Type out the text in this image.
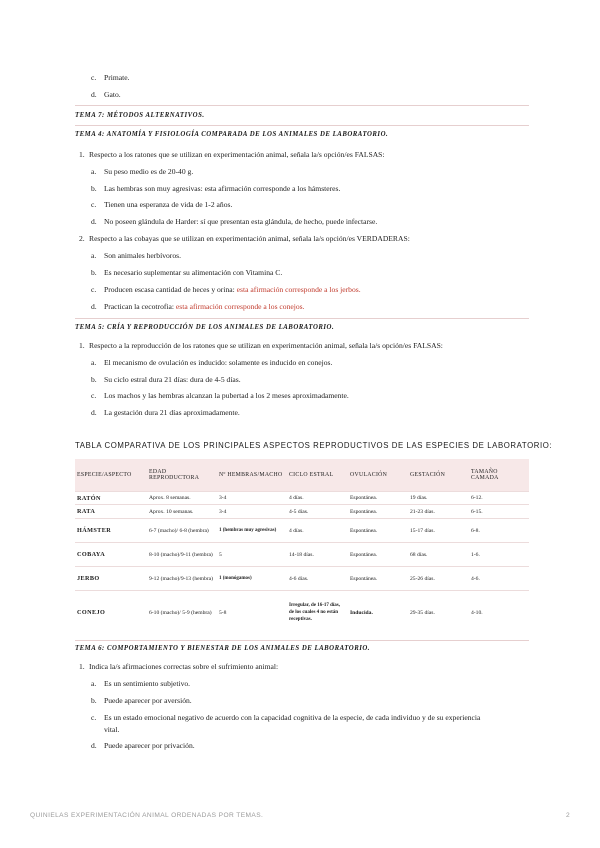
c. Primate.
d. Gato.
TEMA 7: MÉTODOS ALTERNATIVOS.
TEMA 4: ANATOMÍA Y FISIOLOGÍA COMPARADA DE LOS ANIMALES DE LABORATORIO.
1. Respecto a los ratones que se utilizan en experimentación animal, señala la/s opción/es FALSAS:
a. Su peso medio es de 20-40 g.
b. Las hembras son muy agresivas: esta afirmación corresponde a los hámsteres.
c. Tienen una esperanza de vida de 1-2 años.
d. No poseen glándula de Harder: sí que presentan esta glándula, de hecho, puede infectarse.
2. Respecto a las cobayas que se utilizan en experimentación animal, señala la/s opción/es VERDADERAS:
a. Son animales herbívoros.
b. Es necesario suplementar su alimentación con Vitamina C.
c. Producen escasa cantidad de heces y orina: esta afirmación corresponde a los jerbos.
d. Practican la cecotrofia: esta afirmación corresponde a los conejos.
TEMA 5: CRÍA Y REPRODUCCIÓN DE LOS ANIMALES DE LABORATORIO.
1. Respecto a la reproducción de los ratones que se utilizan en experimentación animal, señala la/s opción/es FALSAS:
a. El mecanismo de ovulación es inducido: solamente es inducido en conejos.
b. Su ciclo estral dura 21 días: dura de 4-5 días.
c. Los machos y las hembras alcanzan la pubertad a los 2 meses aproximadamente.
d. La gestación dura 21 días aproximadamente.
TABLA COMPARATIVA DE LOS PRINCIPALES ASPECTOS REPRODUCTIVOS DE LAS ESPECIES DE LABORATORIO:
ESPECIE/ASPECTO	EDAD REPRODUCTORA	Nº HEMBRAS/MACHO	CICLO ESTRAL	OVULACIÓN	GESTACIÓN	TAMAÑO CAMADA
RATÓN	Aprox. 8 semanas.	3-4	4 días.	Espontánea.	19 días.	6-12.
RATA	Aprox. 10 semanas.	3-4	4-5 días.	Espontánea.	21-23 días.	6-15.
HÁMSTER	6-7 (macho)/ 6-8 (hembra)	1 (hembras muy agresivas)	4 días.	Espontánea.	15-17 días.	6-8.
COBAYA	8-10 (macho)/9-11 (hembra)	5	14-18 días.	Espontánea.	68 días.	1-6.
JERBO	9-12 (macho)/9-13 (hembra)	1 (monógamos)	4-6 días.	Espontánea.	25-26 días.	4-6.
CONEJO	6-10 (macho)/ 5-9 (hembra)	5-8	Irregular, de 16-17 días, de los cuales 4 no están receptivas.	Inducida.	29-35 días.	4-10.
TEMA 6: COMPORTAMIENTO Y BIENESTAR DE LOS ANIMALES DE LABORATORIO.
1. Indica la/s afirmaciones correctas sobre el sufrimiento animal:
a. Es un sentimiento subjetivo.
b. Puede aparecer por aversión.
c. Es un estado emocional negativo de acuerdo con la capacidad cognitiva de la especie, de cada individuo y de su experiencia
vital.
d. Puede aparecer por privación.
QUINIELAS EXPERIMENTACIÓN ANIMAL ORDENADAS POR TEMAS.	2
